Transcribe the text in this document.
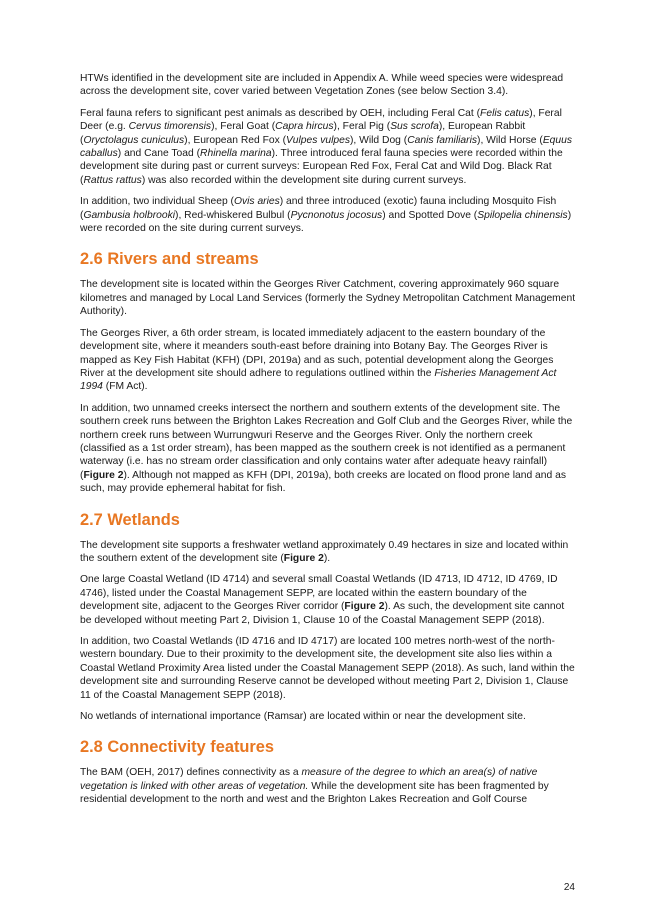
HTWs identified in the development site are included in Appendix A. While weed species were widespread across the development site, cover varied between Vegetation Zones (see below Section 3.4).

Feral fauna refers to significant pest animals as described by OEH, including Feral Cat (Felis catus), Feral Deer (e.g. Cervus timorensis), Feral Goat (Capra hircus), Feral Pig (Sus scrofa), European Rabbit (Oryctolagus cuniculus), European Red Fox (Vulpes vulpes), Wild Dog (Canis familiaris), Wild Horse (Equus caballus) and Cane Toad (Rhinella marina). Three introduced feral fauna species were recorded within the development site during past or current surveys: European Red Fox, Feral Cat and Wild Dog. Black Rat (Rattus rattus) was also recorded within the development site during current surveys.

In addition, two individual Sheep (Ovis aries) and three introduced (exotic) fauna including Mosquito Fish (Gambusia holbrooki), Red-whiskered Bulbul (Pycnonotus jocosus) and Spotted Dove (Spilopelia chinensis) were recorded on the site during current surveys.

2.6 Rivers and streams

The development site is located within the Georges River Catchment, covering approximately 960 square kilometres and managed by Local Land Services (formerly the Sydney Metropolitan Catchment Management Authority).

The Georges River, a 6th order stream, is located immediately adjacent to the eastern boundary of the development site, where it meanders south-east before draining into Botany Bay. The Georges River is mapped as Key Fish Habitat (KFH) (DPI, 2019a) and as such, potential development along the Georges River at the development site should adhere to regulations outlined within the Fisheries Management Act 1994 (FM Act).

In addition, two unnamed creeks intersect the northern and southern extents of the development site. The southern creek runs between the Brighton Lakes Recreation and Golf Club and the Georges River, while the northern creek runs between Wurrungwuri Reserve and the Georges River. Only the northern creek (classified as a 1st order stream), has been mapped as the southern creek is not identified as a permanent waterway (i.e. has no stream order classification and only contains water after adequate heavy rainfall) (Figure 2). Although not mapped as KFH (DPI, 2019a), both creeks are located on flood prone land and as such, may provide ephemeral habitat for fish.

2.7 Wetlands

The development site supports a freshwater wetland approximately 0.49 hectares in size and located within the southern extent of the development site (Figure 2).

One large Coastal Wetland (ID 4714) and several small Coastal Wetlands (ID 4713, ID 4712, ID 4769, ID 4746), listed under the Coastal Management SEPP, are located within the eastern boundary of the development site, adjacent to the Georges River corridor (Figure 2). As such, the development site cannot be developed without meeting Part 2, Division 1, Clause 10 of the Coastal Management SEPP (2018).

In addition, two Coastal Wetlands (ID 4716 and ID 4717) are located 100 metres north-west of the north-western boundary. Due to their proximity to the development site, the development site also lies within a Coastal Wetland Proximity Area listed under the Coastal Management SEPP (2018). As such, land within the development site and surrounding Reserve cannot be developed without meeting Part 2, Division 1, Clause 11 of the Coastal Management SEPP (2018).

No wetlands of international importance (Ramsar) are located within or near the development site.

2.8 Connectivity features

The BAM (OEH, 2017) defines connectivity as a measure of the degree to which an area(s) of native vegetation is linked with other areas of vegetation. While the development site has been fragmented by residential development to the north and west and the Brighton Lakes Recreation and Golf Course

24
